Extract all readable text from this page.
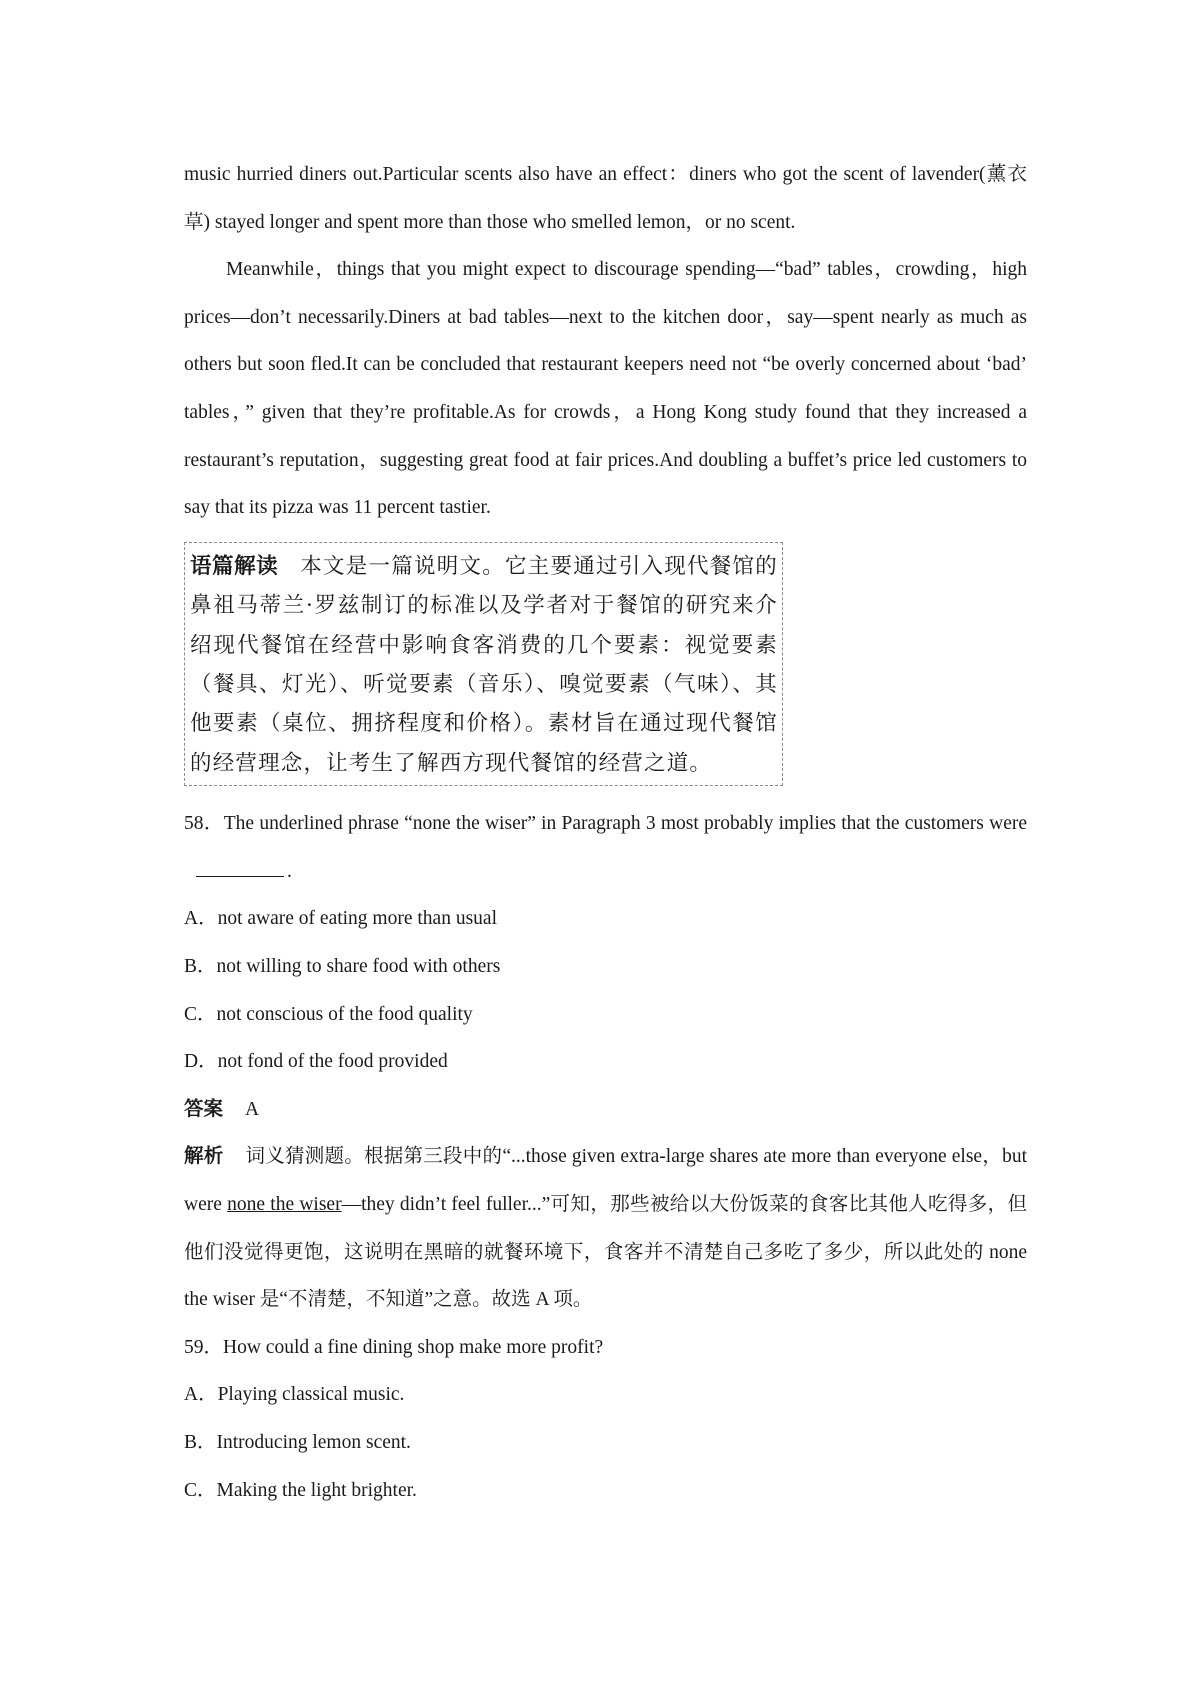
music hurried diners out.Particular scents also have an effect：diners who got the scent of lavender(薰衣草) stayed longer and spent more than those who smelled lemon，or no scent.

Meanwhile，things that you might expect to discourage spending—“bad” tables，crowding，high prices—don’t necessarily.Diners at bad tables—next to the kitchen door，say—spent nearly as much as others but soon fled.It can be concluded that restaurant keepers need not “be overly concerned about ‘bad’ tables，” given that they’re profitable.As for crowds，a Hong Kong study found that they increased a restaurant’s reputation，suggesting great food at fair prices.And doubling a buffet’s price led customers to say that its pizza was 11 percent tastier.

语篇解读 本文是一篇说明文。它主要通过引入现代餐馆的鼻祖马蒂兰·罗兹制订的标准以及学者对于餐馆的研究来介绍现代餐馆在经营中影响食客消费的几个要素：视觉要素（餐具、灯光）、听觉要素（音乐）、嗅觉要素（气味）、其他要素（桌位、拥挤程度和价格）。素材旨在通过现代餐馆的经营理念，让考生了解西方现代餐馆的经营之道。

58．The underlined phrase “none the wiser” in Paragraph 3 most probably implies that the customers were.

A．not aware of eating more than usual

B．not willing to share food with others

C．not conscious of the food quality

D．not fond of the food provided

答案 A

解析 词义猜测题。根据第三段中的“...those given extra-large shares ate more than everyone else，but were none the wiser—they didn’t feel fuller...”可知，那些被给以大份饭菜的食客比其他人吃得多，但他们没觉得更饱，这说明在黑暗的就餐环境下，食客并不清楚自己多吃了多少，所以此处的 none the wiser 是“不清楚，不知道”之意。故选 A 项。

59．How could a fine dining shop make more profit?

A．Playing classical music.

B．Introducing lemon scent.

C．Making the light brighter.
